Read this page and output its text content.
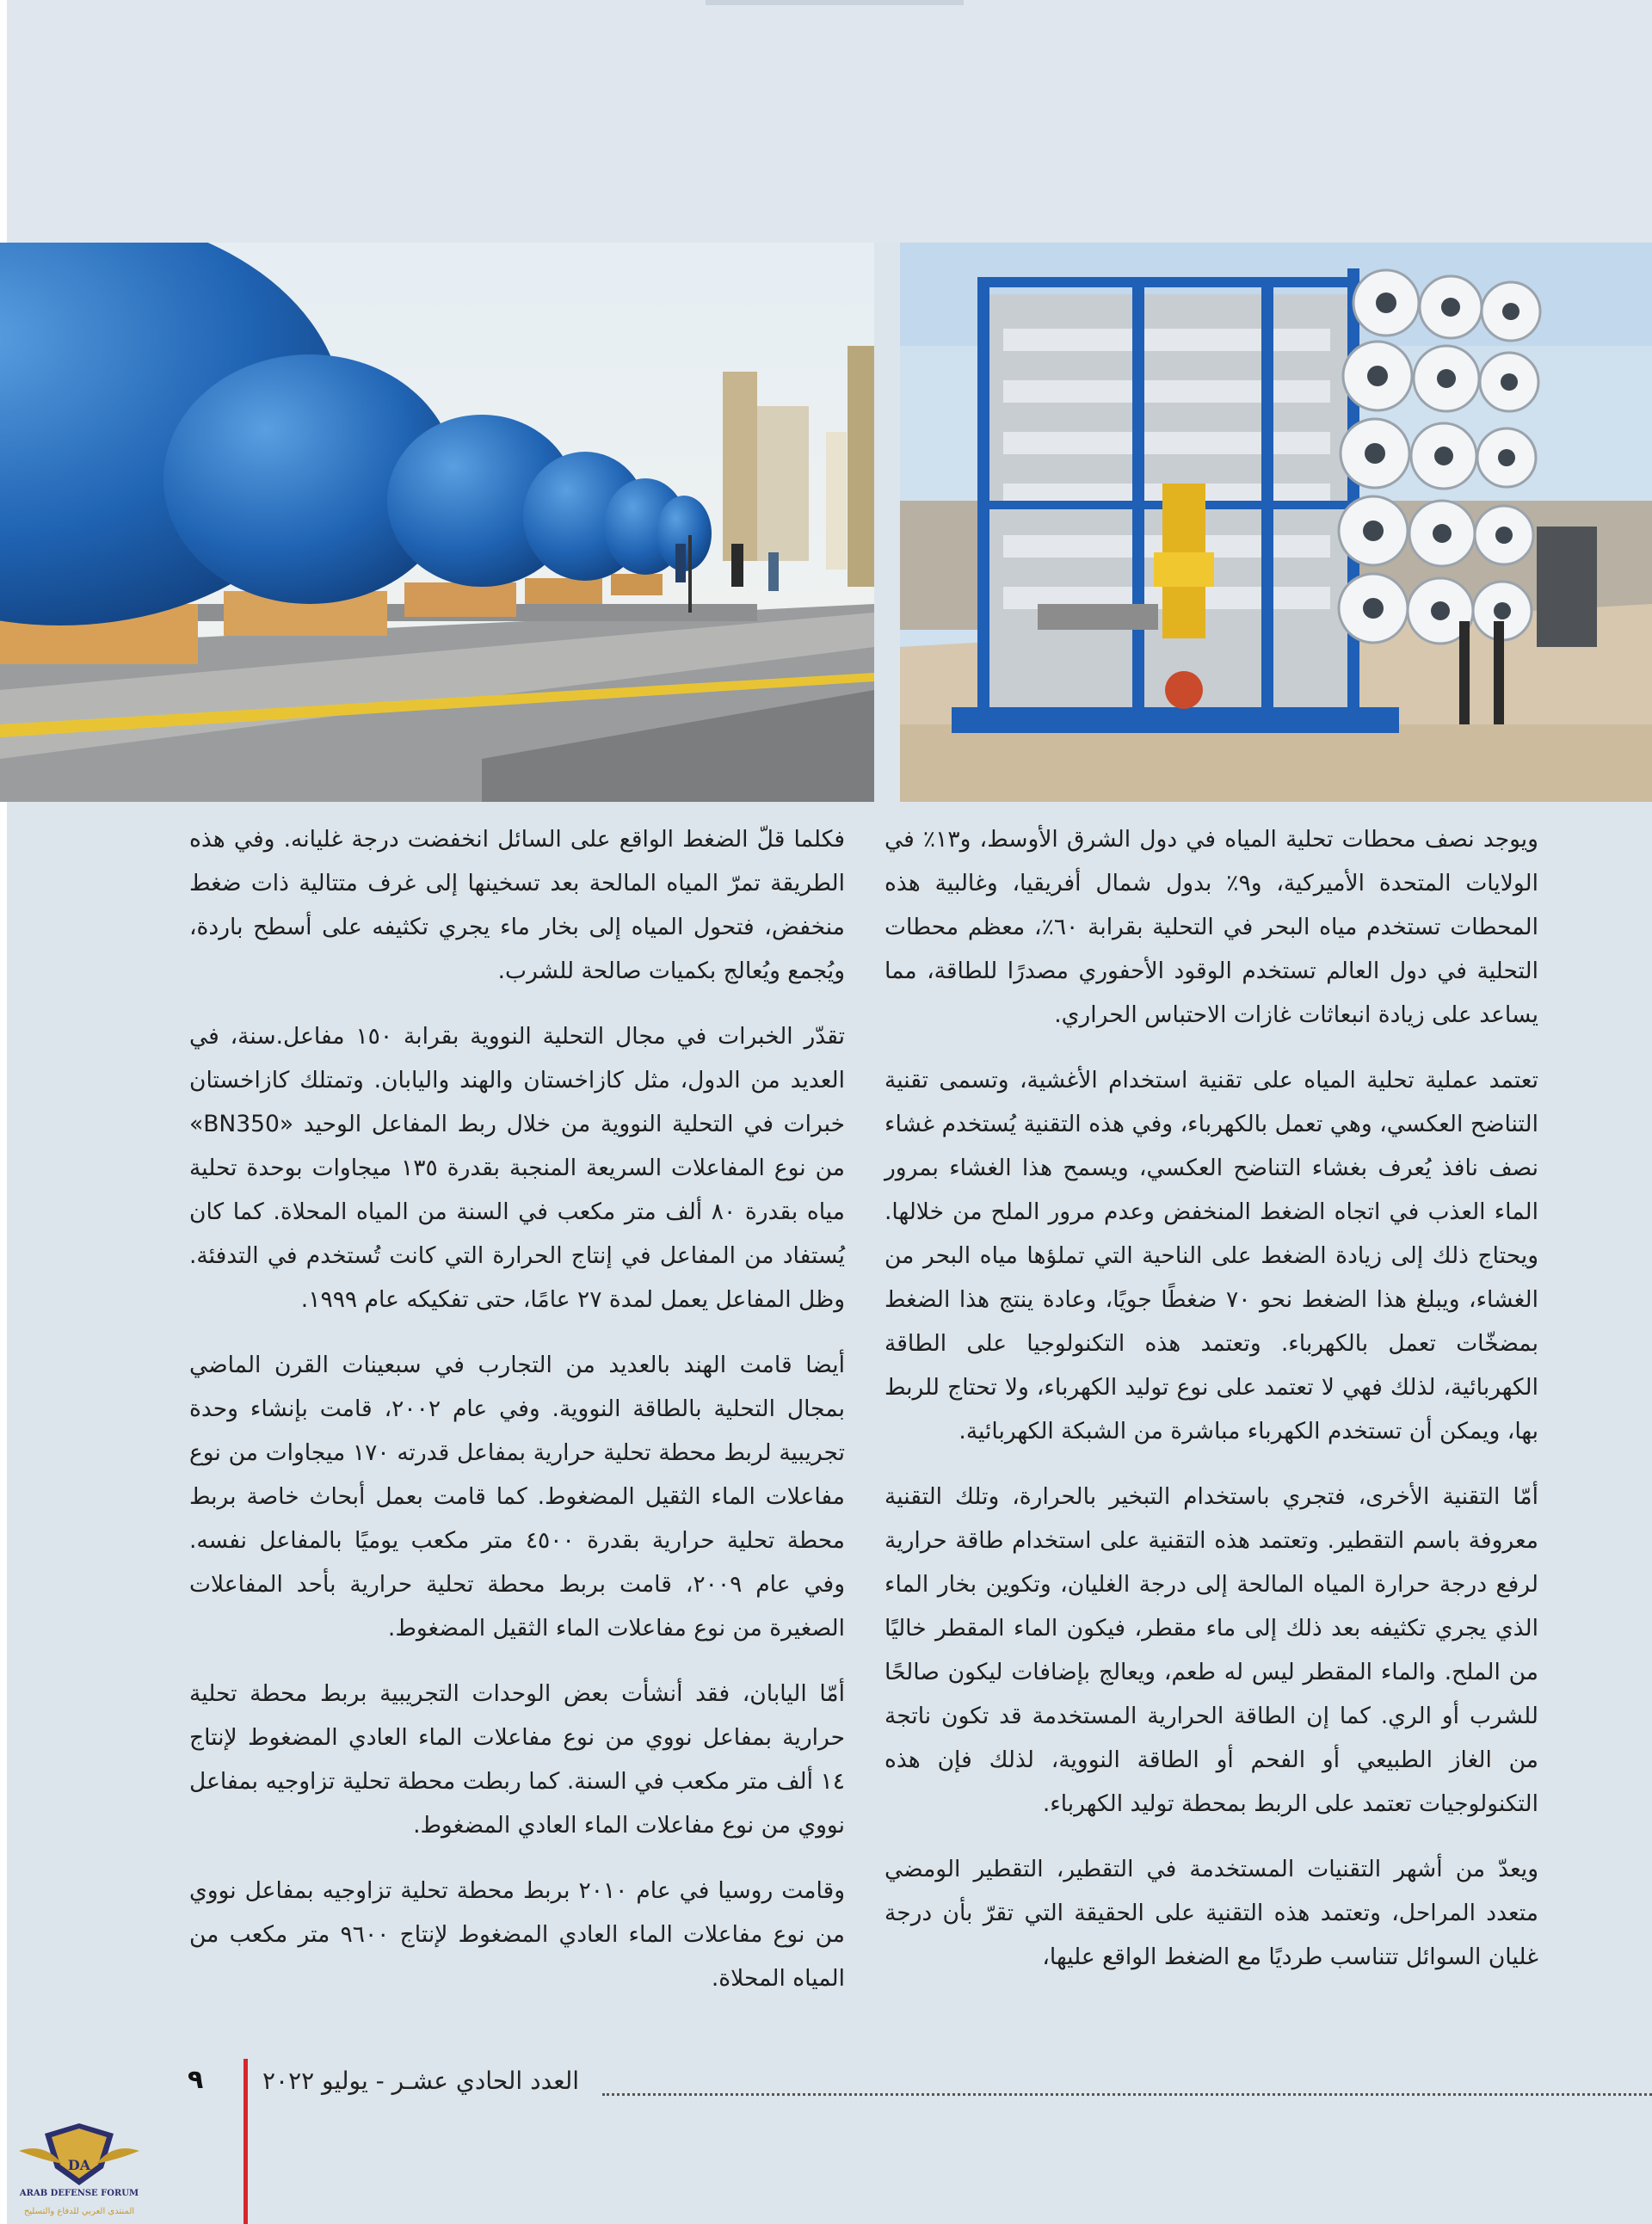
ويوجد نصف محطات تحلية المياه في دول الشرق الأوسط، و١٣٪ في الولايات المتحدة الأميركية، و٩٪ بدول شمال أفريقيا، وغالبية هذه المحطات تستخدم مياه البحر في التحلية بقرابة ٦٠٪، معظم محطات التحلية في دول العالم تستخدم الوقود الأحفوري مصدرًا للطاقة، مما يساعد على زيادة انبعاثات غازات الاحتباس الحراري.

تعتمد عملية تحلية المياه على تقنية استخدام الأغشية، وتسمى تقنية التناضح العكسي، وهي تعمل بالكهرباء، وفي هذه التقنية يُستخدم غشاء نصف نافذ يُعرف بغشاء التناضح العكسي، ويسمح هذا الغشاء بمرور الماء العذب في اتجاه الضغط المنخفض وعدم مرور الملح من خلالها. ويحتاج ذلك إلى زيادة الضغط على الناحية التي تملؤها مياه البحر من الغشاء، ويبلغ هذا الضغط نحو ٧٠ ضغطًا جويًا، وعادة ينتج هذا الضغط بمضخّات تعمل بالكهرباء. وتعتمد هذه التكنولوجيا على الطاقة الكهربائية، لذلك فهي لا تعتمد على نوع توليد الكهرباء، ولا تحتاج للربط بها، ويمكن أن تستخدم الكهرباء مباشرة من الشبكة الكهربائية.

أمّا التقنية الأخرى، فتجري باستخدام التبخير بالحرارة، وتلك التقنية معروفة باسم التقطير. وتعتمد هذه التقنية على استخدام طاقة حرارية لرفع درجة حرارة المياه المالحة إلى درجة الغليان، وتكوين بخار الماء الذي يجري تكثيفه بعد ذلك إلى ماء مقطر، فيكون الماء المقطر خاليًا من الملح. والماء المقطر ليس له طعم، ويعالج بإضافات ليكون صالحًا للشرب أو الري. كما إن الطاقة الحرارية المستخدمة قد تكون ناتجة من الغاز الطبيعي أو الفحم أو الطاقة النووية، لذلك فإن هذه التكنولوجيات تعتمد على الربط بمحطة توليد الكهرباء.

ويعدّ من أشهر التقنيات المستخدمة في التقطير، التقطير الومضي متعدد المراحل، وتعتمد هذه التقنية على الحقيقة التي تقرّ بأن درجة غليان السوائل تتناسب طرديًا مع الضغط الواقع عليها،

فكلما قلّ الضغط الواقع على السائل انخفضت درجة غليانه. وفي هذه الطريقة تمرّ المياه المالحة بعد تسخينها إلى غرف متتالية ذات ضغط منخفض، فتحول المياه إلى بخار ماء يجري تكثيفه على أسطح باردة، ويُجمع ويُعالج بكميات صالحة للشرب.

تقدّر الخبرات في مجال التحلية النووية بقرابة ١٥٠ مفاعل.سنة، في العديد من الدول، مثل كازاخستان والهند واليابان. وتمتلك كازاخستان خبرات في التحلية النووية من خلال ربط المفاعل الوحيد «BN350» من نوع المفاعلات السريعة المنجبة بقدرة ١٣٥ ميجاوات بوحدة تحلية مياه بقدرة ٨٠ ألف متر مكعب في السنة من المياه المحلاة. كما كان يُستفاد من المفاعل في إنتاج الحرارة التي كانت تُستخدم في التدفئة. وظل المفاعل يعمل لمدة ٢٧ عامًا، حتى تفكيكه عام ١٩٩٩.

أيضا قامت الهند بالعديد من التجارب في سبعينات القرن الماضي بمجال التحلية بالطاقة النووية. وفي عام ٢٠٠٢، قامت بإنشاء وحدة تجريبية لربط محطة تحلية حرارية بمفاعل قدرته ١٧٠ ميجاوات من نوع مفاعلات الماء الثقيل المضغوط. كما قامت بعمل أبحاث خاصة بربط محطة تحلية حرارية بقدرة ٤٥٠٠ متر مكعب يوميًا بالمفاعل نفسه. وفي عام ٢٠٠٩، قامت بربط محطة تحلية حرارية بأحد المفاعلات الصغيرة من نوع مفاعلات الماء الثقيل المضغوط.

أمّا اليابان، فقد أنشأت بعض الوحدات التجريبية بربط محطة تحلية حرارية بمفاعل نووي من نوع مفاعلات الماء العادي المضغوط لإنتاج ١٤ ألف متر مكعب في السنة. كما ربطت محطة تحلية تزاوجيه بمفاعل نووي من نوع مفاعلات الماء العادي المضغوط.

وقامت روسيا في عام ٢٠١٠ بربط محطة تحلية تزاوجيه بمفاعل نووي من نوع مفاعلات الماء العادي المضغوط لإنتاج ٩٦٠٠ متر مكعب من المياه المحلاة.

العدد الحادي عشـر - يوليو ٢٠٢٢
٩
DA
ARAB DEFENSE FORUM
المنتدى العربي للدفاع والتسليح
